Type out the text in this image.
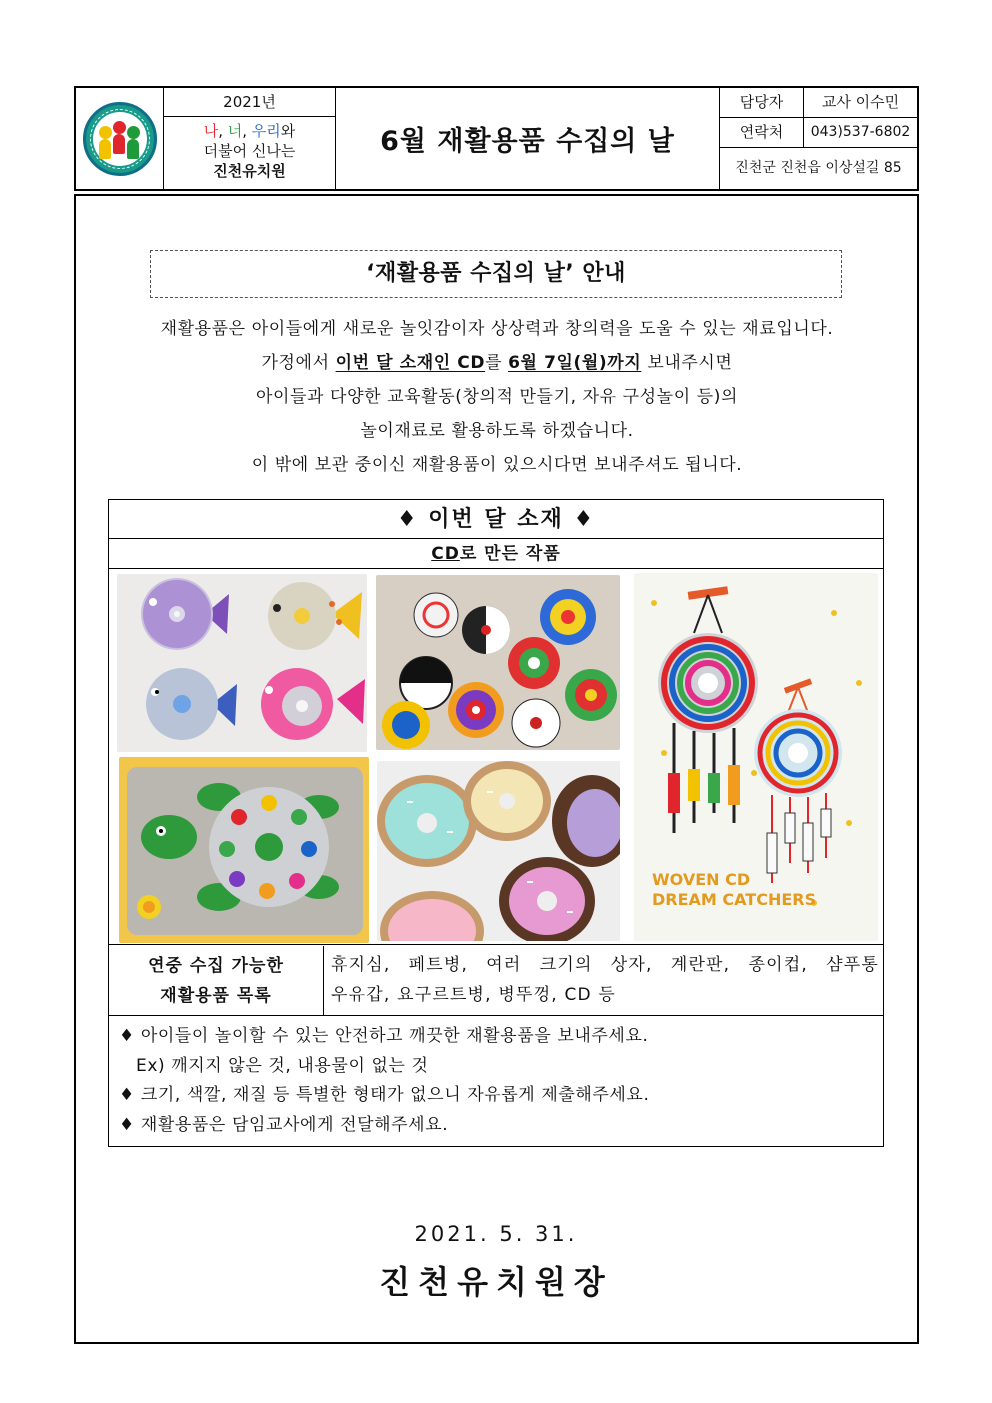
2021년
나, 너, 우리와
더불어 신나는
진천유치원
6월 재활용품 수집의 날
담당자	교사 이수민
연락처	043)537-6802
진천군 진천읍 이상설길 85
‘재활용품 수집의 날’ 안내
재활용품은 아이들에게 새로운 놀잇감이자 상상력과 창의력을 도울 수 있는 재료입니다.
가정에서 이번 달 소재인 CD를 6월 7일(월)까지 보내주시면
아이들과 다양한 교육활동(창의적 만들기, 자유 구성놀이 등)의
놀이재료로 활용하도록 하겠습니다.
이 밖에 보관 중이신 재활용품이 있으시다면 보내주셔도 됩니다.
♦ 이번 달 소재 ♦
CD로 만든 작품
WOVEN CD
DREAM CATCHERS
연중 수집 가능한
재활용품 목록
휴지심, 페트병, 여러 크기의 상자, 계란판, 종이컵, 샴푸통
우유갑, 요구르트병, 병뚜껑, CD 등
♦ 아이들이 놀이할 수 있는 안전하고 깨끗한 재활용품을 보내주세요.
Ex) 깨지지 않은 것, 내용물이 없는 것
♦ 크기, 색깔, 재질 등 특별한 형태가 없으니 자유롭게 제출해주세요.
♦ 재활용품은 담임교사에게 전달해주세요.
2021. 5. 31.
진천유치원장
